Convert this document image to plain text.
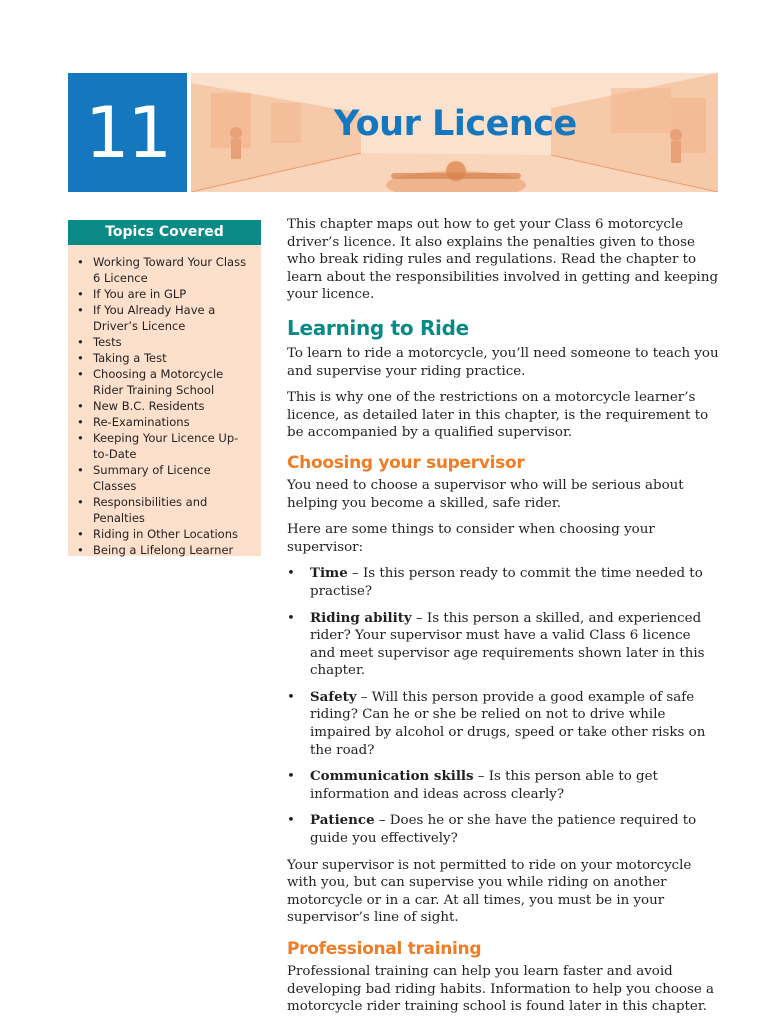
11	Your Licence
Topics Covered
• Working Toward Your Class 6 Licence
• If You are in GLP
• If You Already Have a Driver’s Licence
• Tests
• Taking a Test
• Choosing a Motorcycle Rider Training School
• New B.C. Residents
• Re-Examinations
• Keeping Your Licence Up-to-Date
• Summary of Licence Classes
• Responsibilities and Penalties
• Riding in Other Locations
• Being a Lifelong Learner

This chapter maps out how to get your Class 6 motorcycle driver’s licence. It also explains the penalties given to those who break riding rules and regulations. Read the chapter to learn about the responsibilities involved in getting and keeping your licence.

Learning to Ride

To learn to ride a motorcycle, you’ll need someone to teach you and supervise your riding practice.

This is why one of the restrictions on a motorcycle learner’s licence, as detailed later in this chapter, is the requirement to be accompanied by a qualified supervisor.

Choosing your supervisor

You need to choose a supervisor who will be serious about helping you become a skilled, safe rider.

Here are some things to consider when choosing your supervisor:

• Time – Is this person ready to commit the time needed to practise?
• Riding ability – Is this person a skilled, and experienced rider? Your supervisor must have a valid Class 6 licence and meet supervisor age requirements shown later in this chapter.
• Safety – Will this person provide a good example of safe riding? Can he or she be relied on not to drive while impaired by alcohol or drugs, speed or take other risks on the road?
• Communication skills – Is this person able to get information and ideas across clearly?
• Patience – Does he or she have the patience required to guide you effectively?

Your supervisor is not permitted to ride on your motorcycle with you, but can supervise you while riding on another motorcycle or in a car. At all times, you must be in your supervisor’s line of sight.

Professional training

Professional training can help you learn faster and avoid developing bad riding habits. Information to help you choose a motorcycle rider training school is found later in this chapter.
